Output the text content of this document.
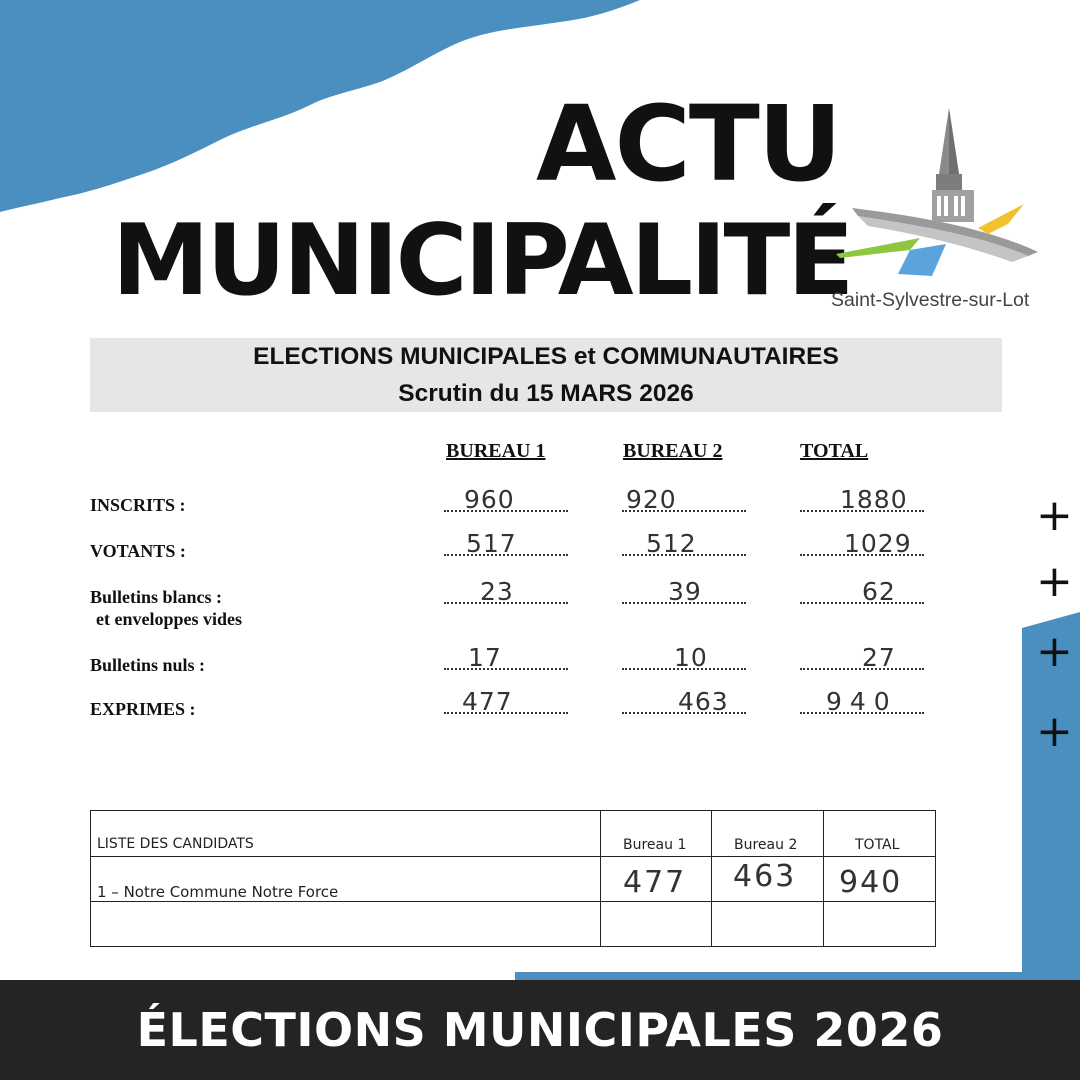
ACTU
MUNICIPALITÉ
Saint-Sylvestre-sur-Lot
ELECTIONS MUNICIPALES et COMMUNAUTAIRES
Scrutin du 15 MARS 2026
BUREAU 1	BUREAU 2	TOTAL
INSCRITS :	960	920	1880
VOTANTS :	517	512	1029
Bulletins blancs :
et enveloppes vides
23	39	62
Bulletins nuls :	17	10	27
EXPRIMES :	477	463	940
LISTE DES CANDIDATS	Bureau 1	Bureau 2	TOTAL
1 – Notre Commune Notre Force	477 463 940
+
+
+
+
ÉLECTIONS MUNICIPALES 2026
